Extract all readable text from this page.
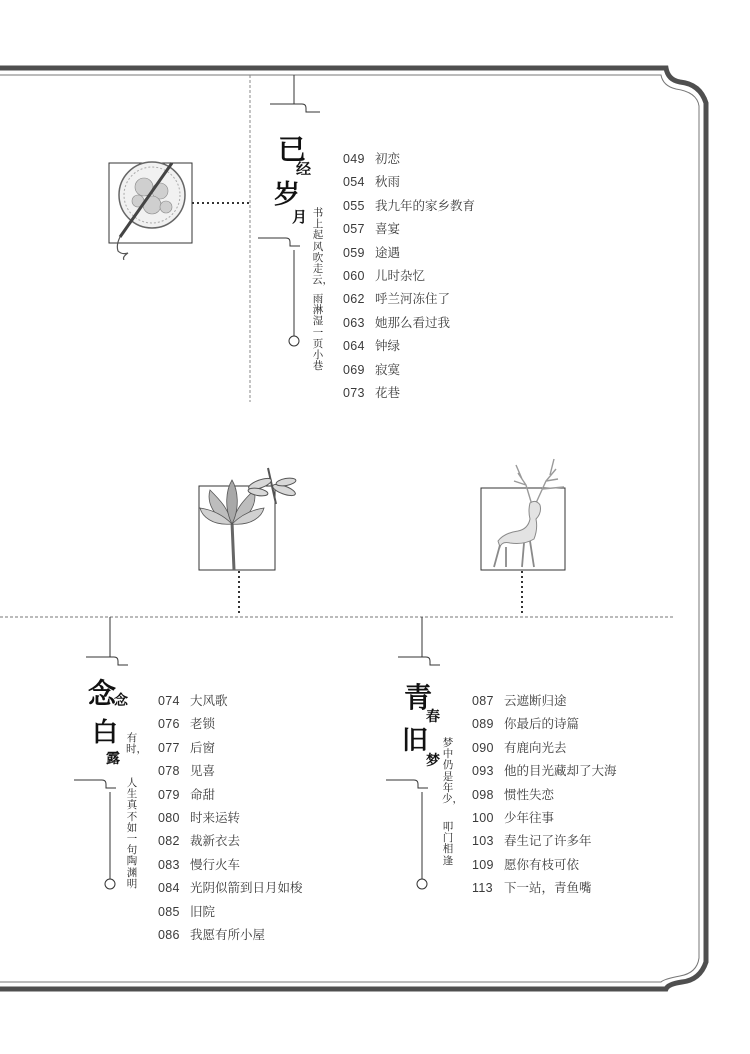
已
经
岁
月 书上起风吹走云，
雨淋湿一页小巷
049 初恋
054 秋雨
055 我九年的家乡教育
057 喜宴
059 途遇
060 儿时杂忆
062 呼兰河冻住了
063 她那么看过我
064 钟绿
069 寂寞
073 花巷
念
念
白
露
有时，
人生真不如一句陶渊明
074 大风歌
076 老锁
077 后窗
078 见喜
079 命甜
080 时来运转
082 裁新衣去
083 慢行火车
084 光阴似箭到日月如梭
085 旧院
086 我愿有所小屋
青
春
旧
梦
梦中仍是年少，
叩门相逢
087 云遮断归途
089 你最后的诗篇
090 有鹿向光去
093 他的目光藏却了大海
098 惯性失恋
100 少年往事
103 春生记了许多年
109 愿你有枝可依
113 下一站，青鱼嘴
